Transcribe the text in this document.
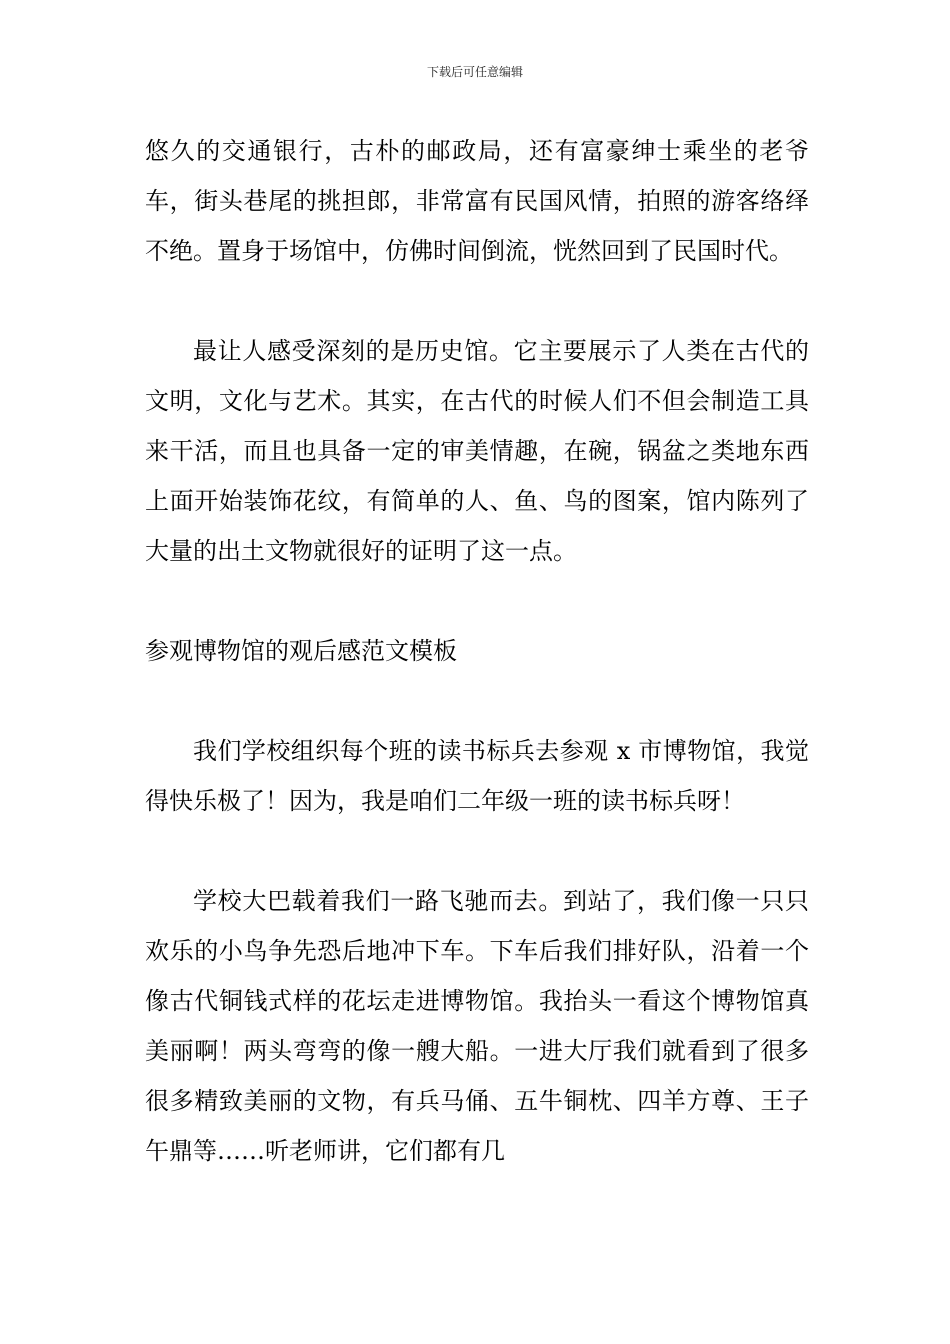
下载后可任意编辑

悠久的交通银行，古朴的邮政局，还有富豪绅士乘坐的老爷车，街头巷尾的挑担郎，非常富有民国风情，拍照的游客络绎不绝。置身于场馆中，仿佛时间倒流，恍然回到了民国时代。

最让人感受深刻的是历史馆。它主要展示了人类在古代的文明，文化与艺术。其实，在古代的时候人们不但会制造工具来干活，而且也具备一定的审美情趣，在碗，锅盆之类地东西上面开始装饰花纹，有简单的人、鱼、鸟的图案，馆内陈列了大量的出土文物就很好的证明了这一点。

参观博物馆的观后感范文模板

我们学校组织每个班的读书标兵去参观 x 市博物馆，我觉得快乐极了！因为，我是咱们二年级一班的读书标兵呀！

学校大巴载着我们一路飞驰而去。到站了，我们像一只只欢乐的小鸟争先恐后地冲下车。下车后我们排好队，沿着一个像古代铜钱式样的花坛走进博物馆。我抬头一看这个博物馆真美丽啊！两头弯弯的像一艘大船。一进大厅我们就看到了很多很多精致美丽的文物，有兵马俑、五牛铜枕、四羊方尊、王子午鼎等……听老师讲，它们都有几
